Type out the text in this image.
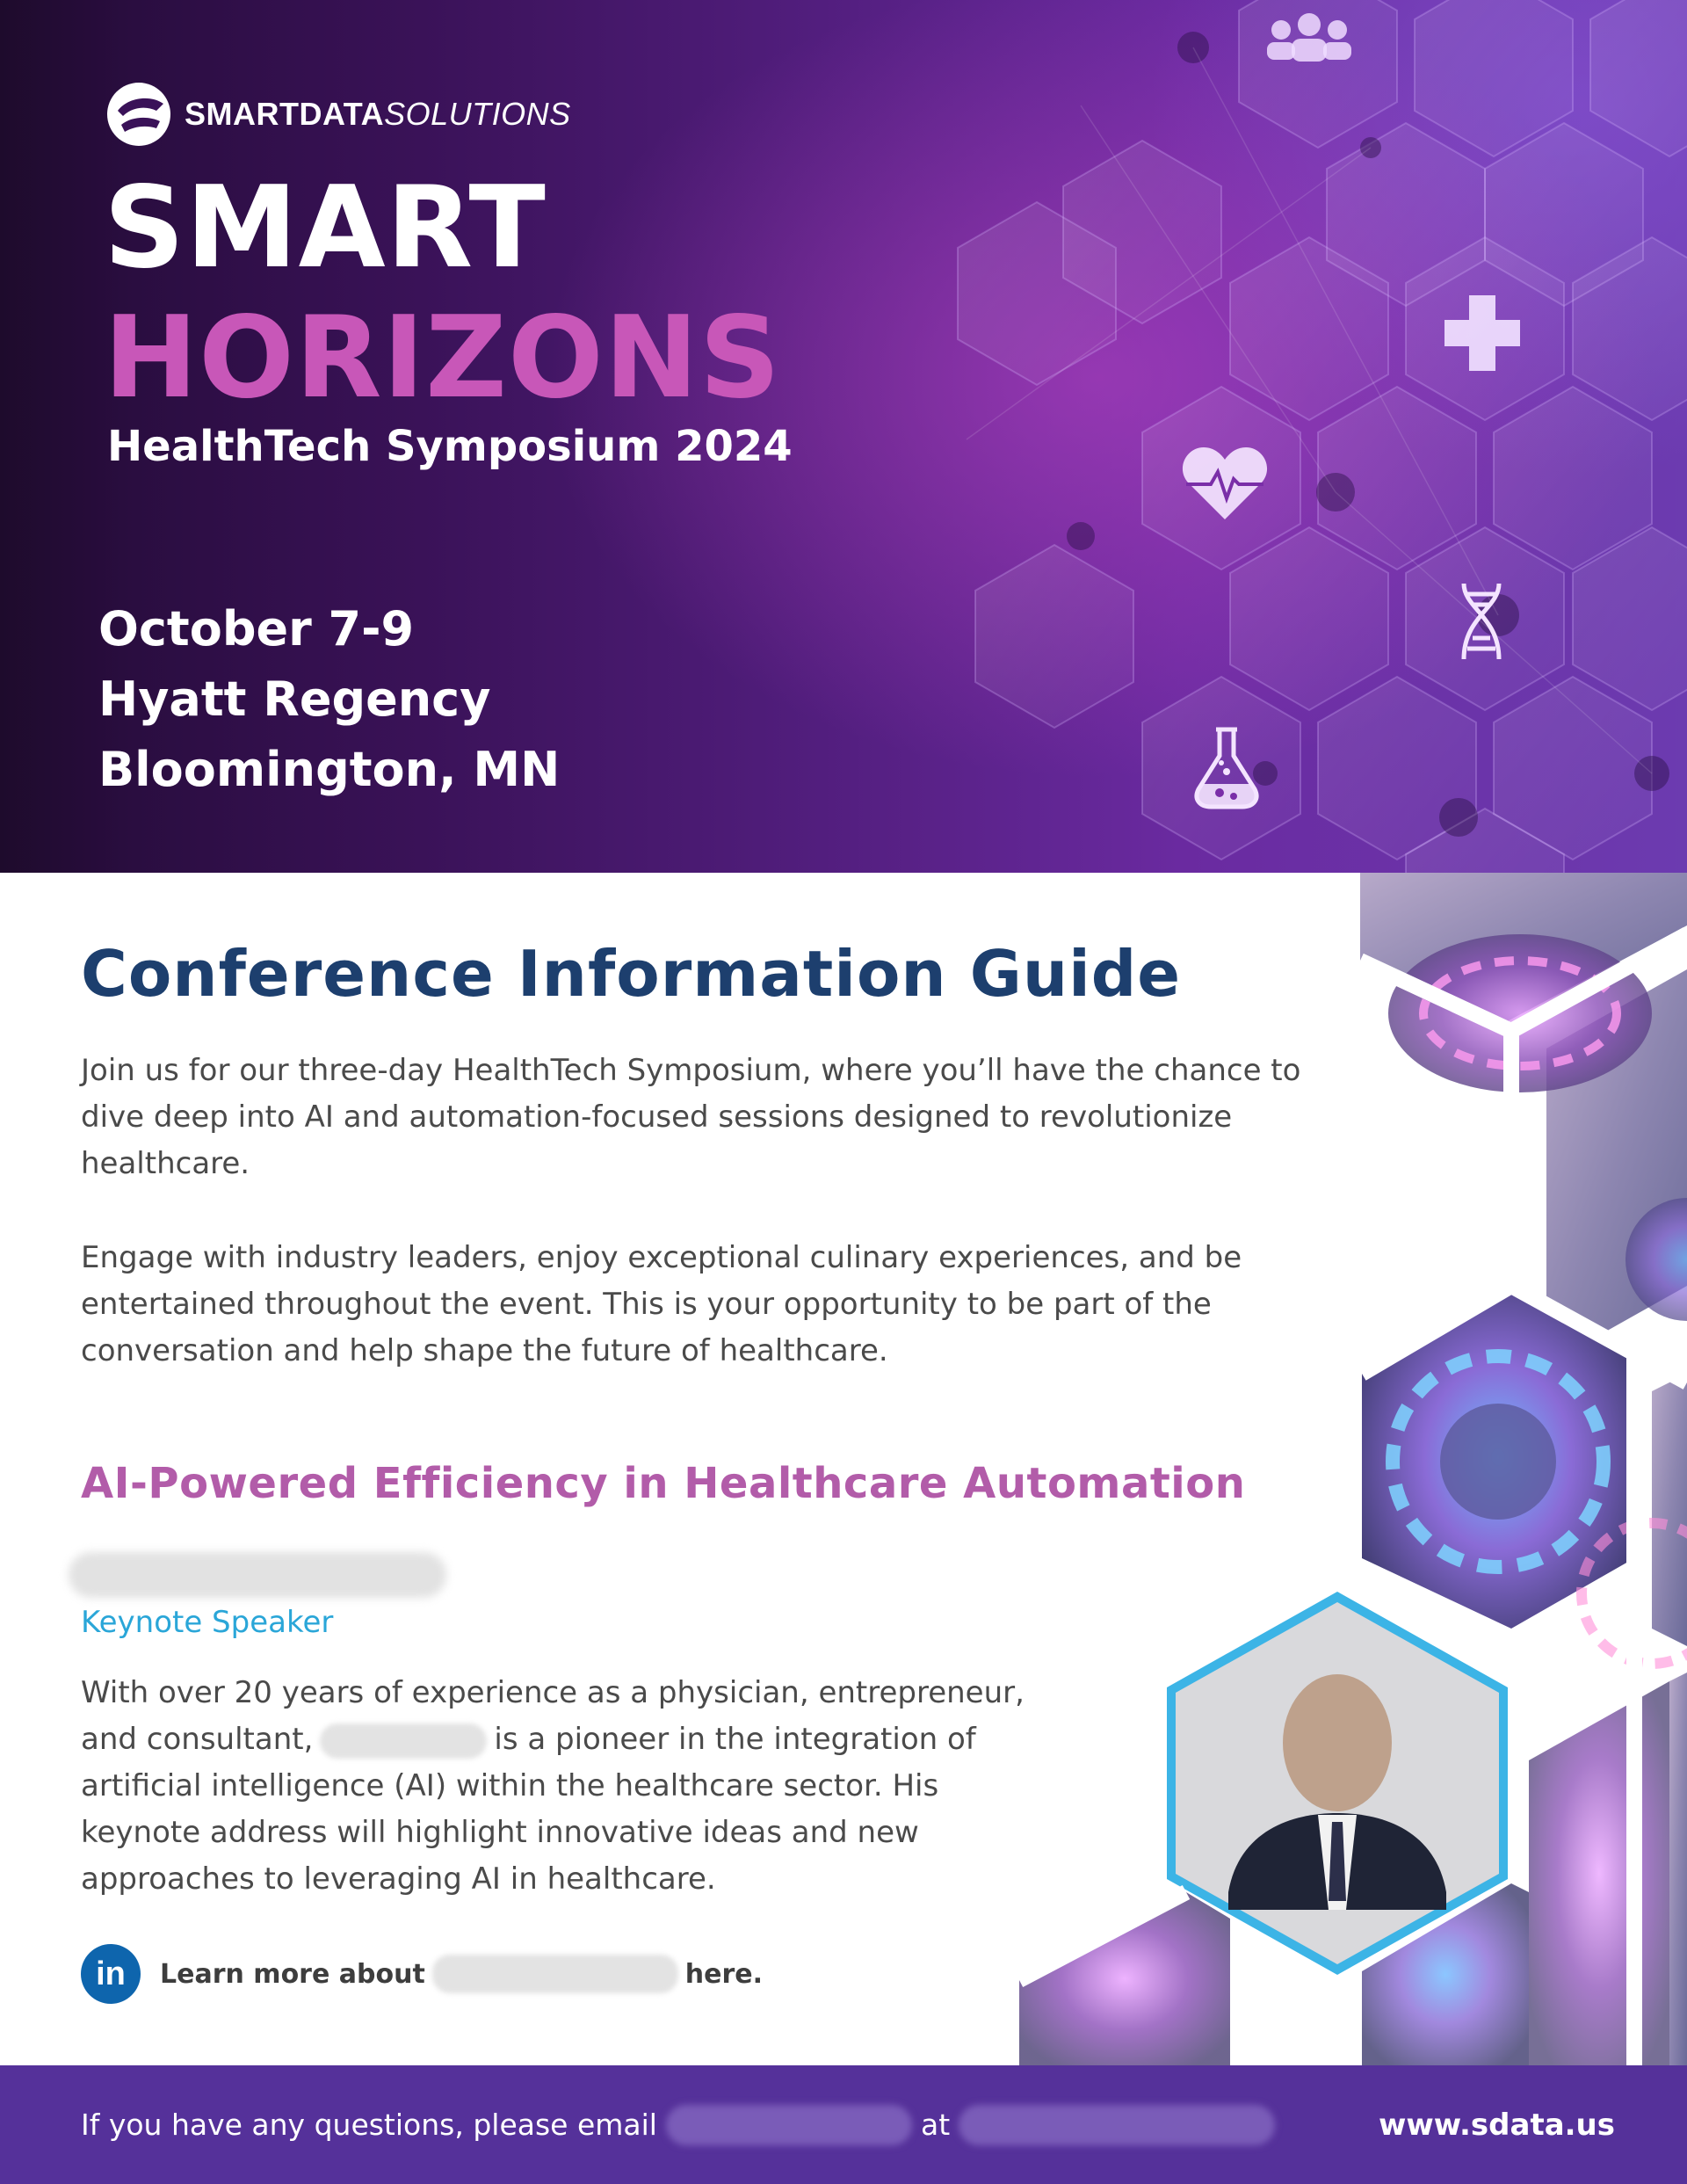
SMARTDATASOLUTIONS
SMART
HORIZONS
HealthTech Symposium 2024
October 7-9
Hyatt Regency
Bloomington, MN
Conference Information Guide

Join us for our three-day HealthTech Symposium, where you’ll have the chance to dive deep into AI and automation-focused sessions designed to revolutionize healthcare.

Engage with industry leaders, enjoy exceptional culinary experiences, and be entertained throughout the event. This is your opportunity to be part of the conversation and help shape the future of healthcare.

AI-Powered Efficiency in Healthcare Automation
Keynote Speaker
With over 20 years of experience as a physician, entrepreneur,
and consultant,	is a pioneer in the integration of
artificial intelligence (AI) within the healthcare sector. His
keynote address will highlight innovative ideas and new
approaches to leveraging AI in healthcare.
in	Learn more about	here.
If you have any questions, please email	at	www.sdata.us
